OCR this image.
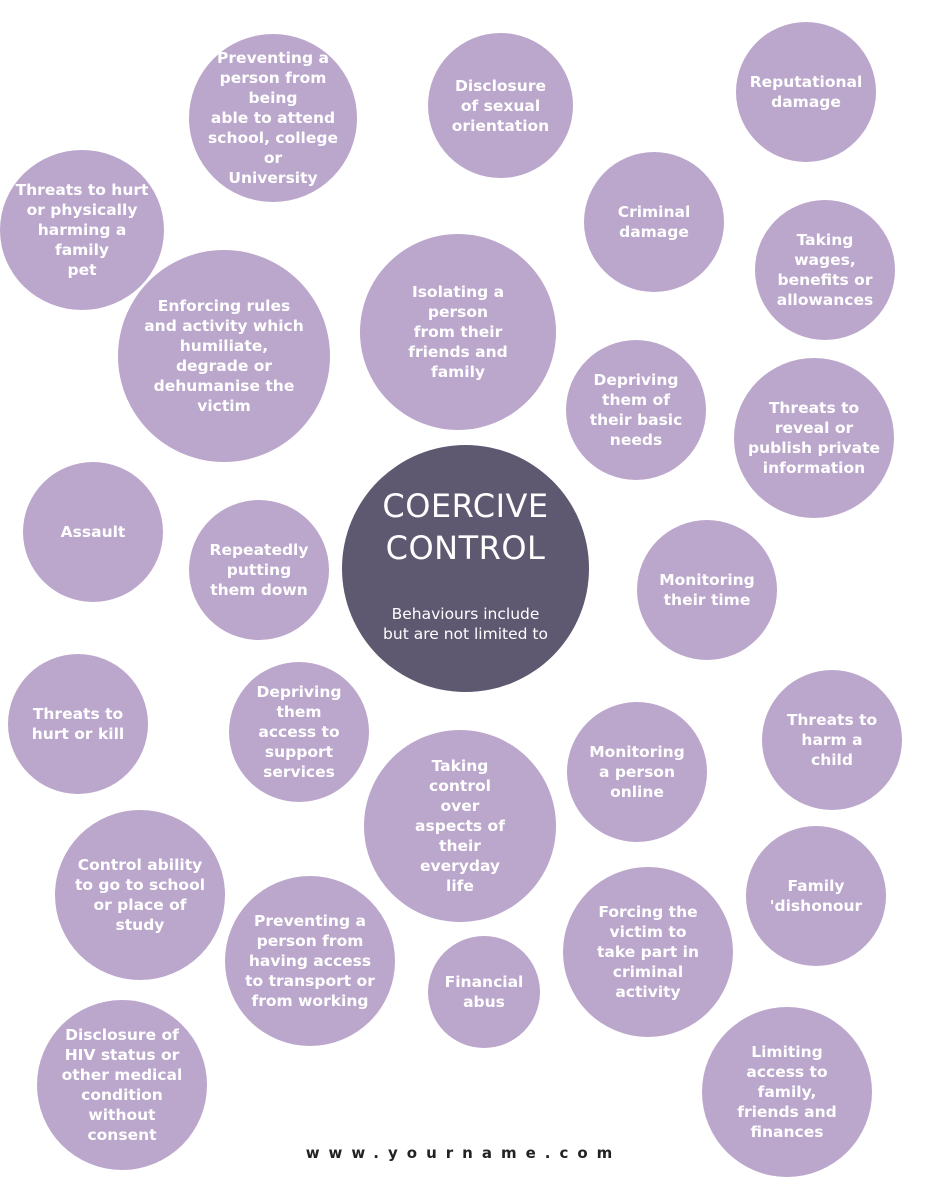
Preventing a
person from being
able to attend
school, college or
University
Disclosure
of sexual
orientation
Reputational
damage
Threats to hurt
or physically
harming a family
pet
Criminal
damage	Taking
wages,
benefits or
allowances
Enforcing rules
and activity which
humiliate,
degrade or
dehumanise the
victim
Isolating a
person
from their
friends and
family	Depriving
them of
their basic
needs
Threats to
reveal or
publish private
information
Assault
Repeatedly
putting
them down
Monitoring
their time
Threats to
hurt or kill
Depriving
them
access to
support
services
Monitoring
a person
online
Threats to
harm a
child
Taking
control
over
aspects of
their
everyday
life
Control ability
to go to school
or place of
study
Family
'dishonour
Preventing a
person from
having access
to transport or
from working
Financial
abus
Forcing the
victim to
take part in
criminal
activity
Disclosure of
HIV status or
other medical
condition
without
consent
Limiting
access to
family,
friends and
finances
COERCIVE
CONTROL
Behaviours include
but are not limited to
www.yourname.com
